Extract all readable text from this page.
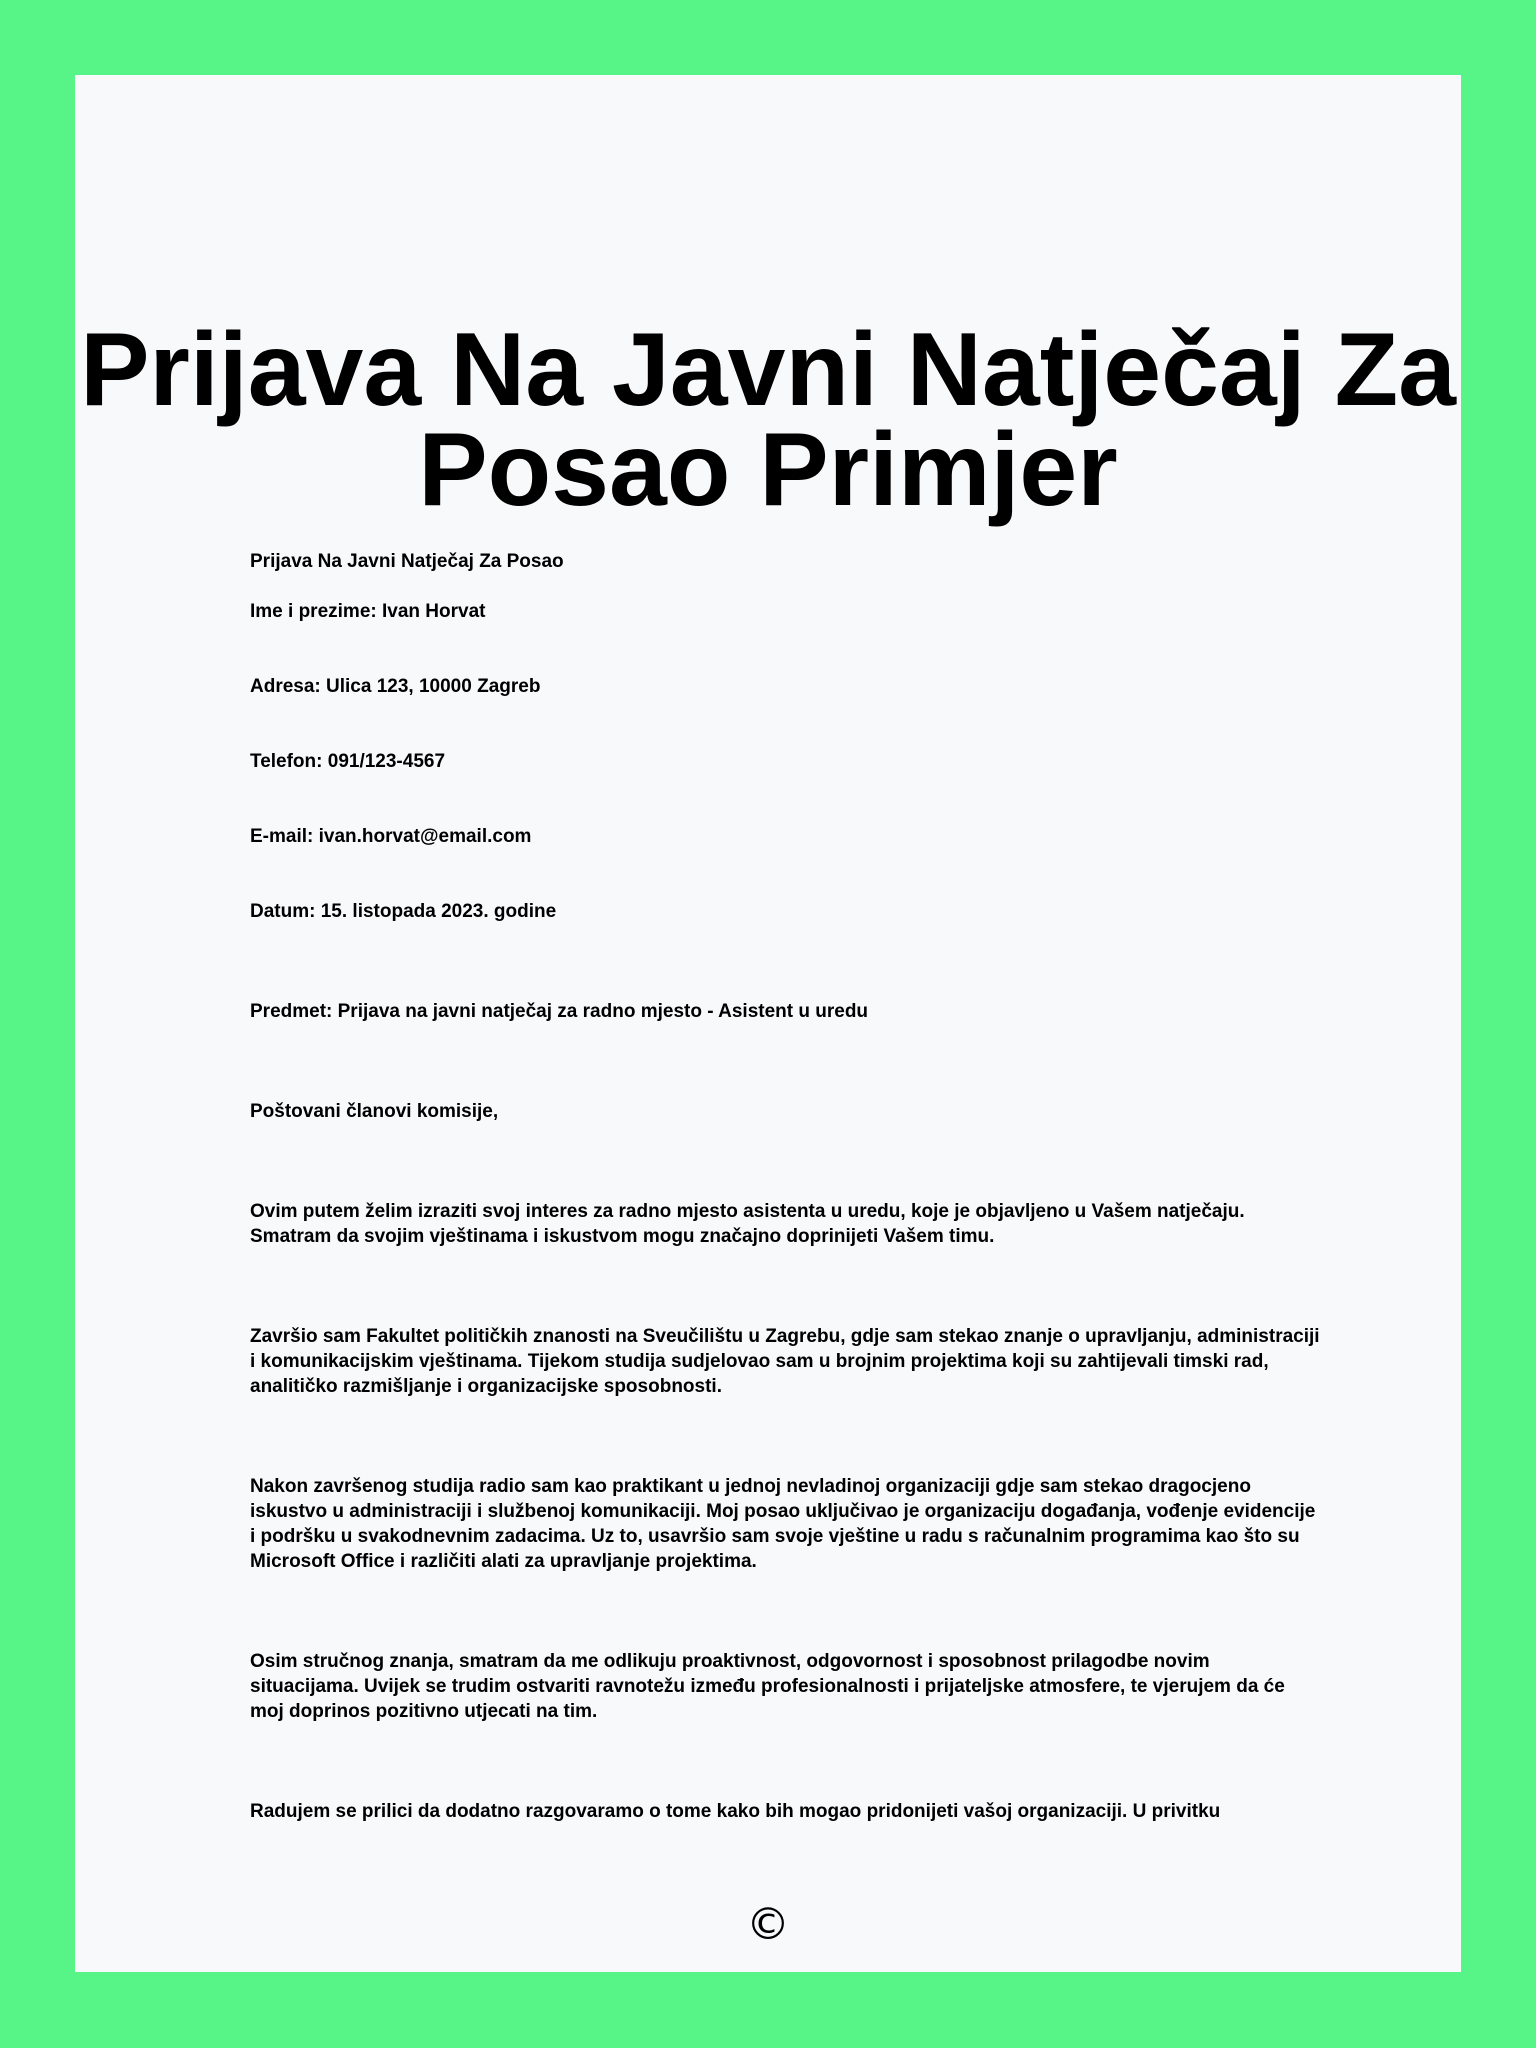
Prijava Na Javni Natječaj Za Posao Primjer
Prijava Na Javni Natječaj Za Posao
Ime i prezime: Ivan Horvat
Adresa: Ulica 123, 10000 Zagreb
Telefon: 091/123-4567
E-mail: ivan.horvat@email.com
Datum: 15. listopada 2023. godine
Predmet: Prijava na javni natječaj za radno mjesto - Asistent u uredu
Poštovani članovi komisije,

Ovim putem želim izraziti svoj interes za radno mjesto asistenta u uredu, koje je objavljeno u Vašem natječaju. Smatram da svojim vještinama i iskustvom mogu značajno doprinijeti Vašem timu.

Završio sam Fakultet političkih znanosti na Sveučilištu u Zagrebu, gdje sam stekao znanje o upravljanju, administraciji i komunikacijskim vještinama. Tijekom studija sudjelovao sam u brojnim projektima koji su zahtijevali timski rad, analitičko razmišljanje i organizacijske sposobnosti.

Nakon završenog studija radio sam kao praktikant u jednoj nevladinoj organizaciji gdje sam stekao dragocjeno iskustvo u administraciji i službenoj komunikaciji. Moj posao uključivao je organizaciju događanja, vođenje evidencije i podršku u svakodnevnim zadacima. Uz to, usavršio sam svoje vještine u radu s računalnim programima kao što su Microsoft Office i različiti alati za upravljanje projektima.

Osim stručnog znanja, smatram da me odlikuju proaktivnost, odgovornost i sposobnost prilagodbe novim situacijama. Uvijek se trudim ostvariti ravnotežu između profesionalnosti i prijateljske atmosfere, te vjerujem da će moj doprinos pozitivno utjecati na tim.

Radujem se prilici da dodatno razgovaramo o tome kako bih mogao pridonijeti vašoj organizaciji. U privitku

©
